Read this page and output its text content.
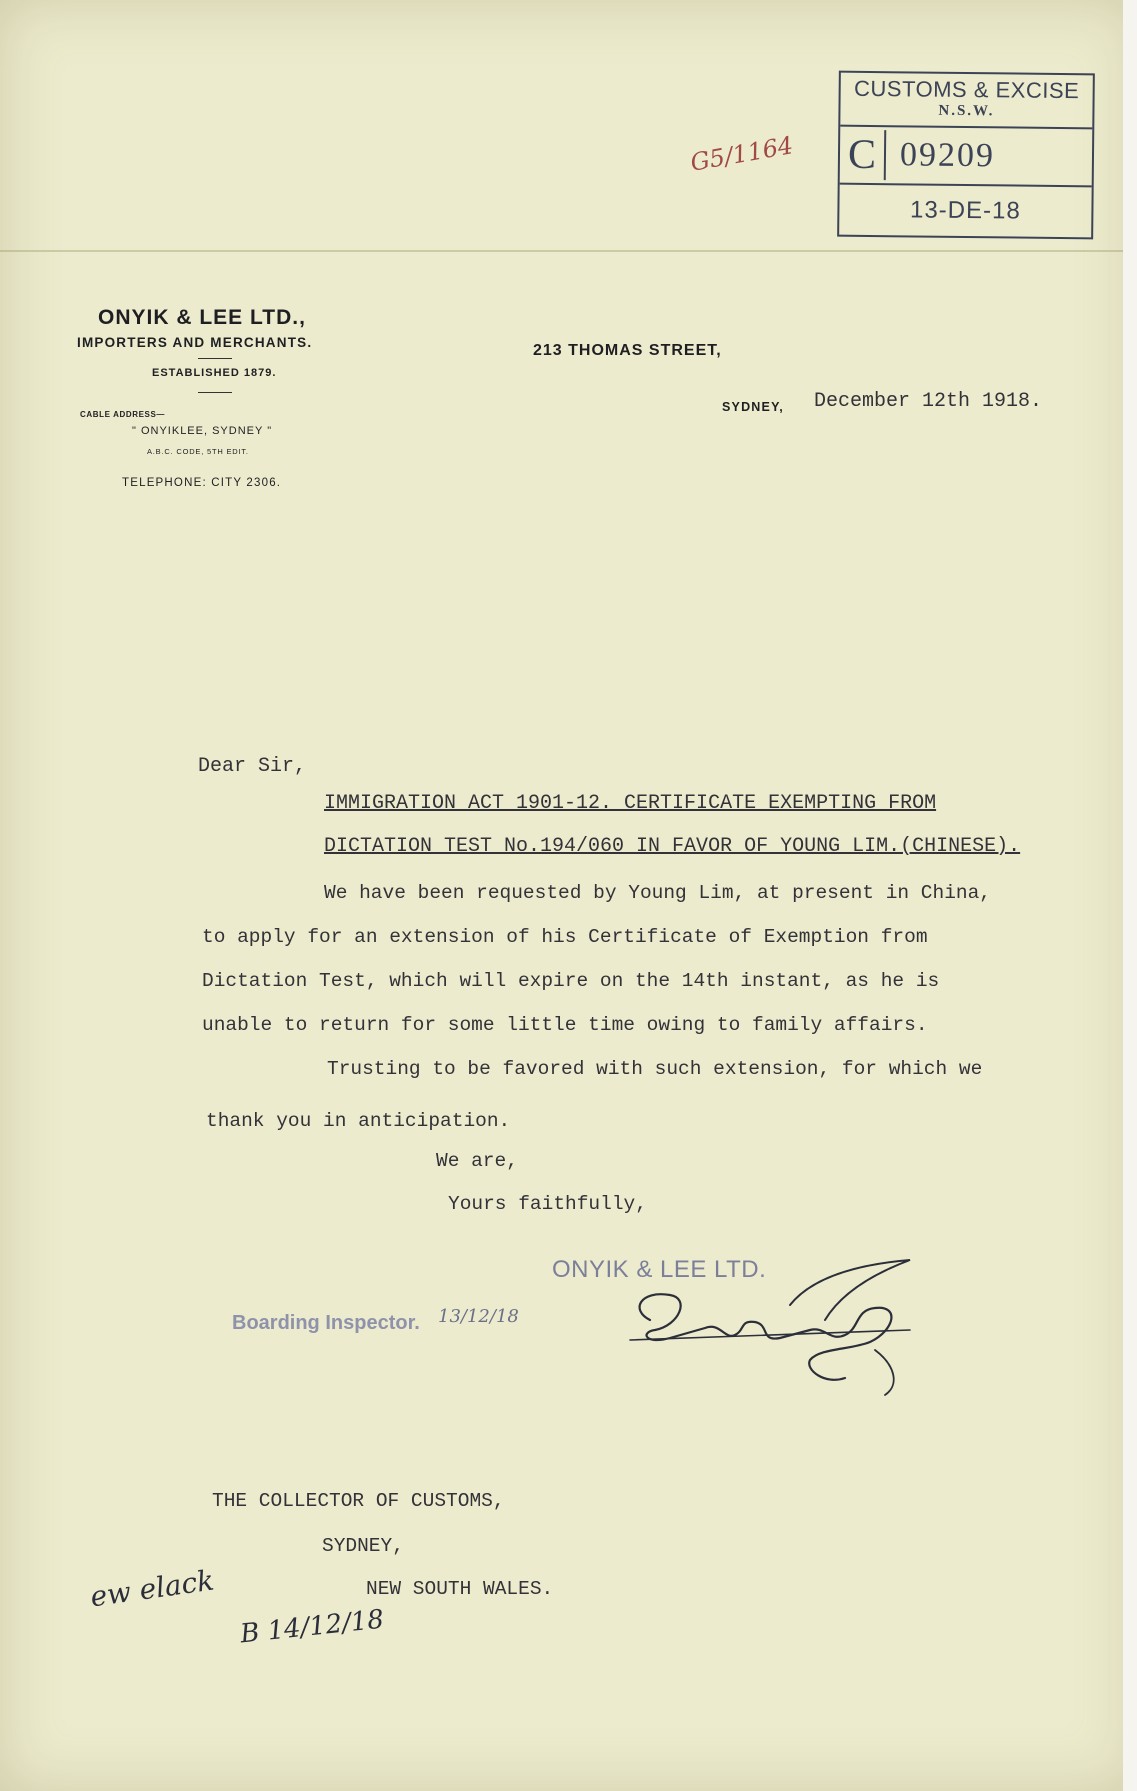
CUSTOMS & EXCISE
N.S.W.
C 09209
13-DE-18
G5/1164
ONYIK & LEE LTD.,
IMPORTERS AND MERCHANTS.
ESTABLISHED 1879.
CABLE ADDRESS—
" ONYIKLEE, SYDNEY "
A.B.C. CODE, 5TH EDIT.
TELEPHONE: CITY 2306.
213 THOMAS STREET,
SYDNEY, December 12th 1918.
Dear Sir,
IMMIGRATION ACT 1901-12. CERTIFICATE EXEMPTING FROM
DICTATION TEST No.194/060 IN FAVOR OF YOUNG LIM.(CHINESE).
We have been requested by Young Lim, at present in China,
to apply for an extension of his Certificate of Exemption from
Dictation Test, which will expire on the 14th instant, as he is
unable to return for some little time owing to family affairs.
Trusting to be favored with such extension, for which we
thank you in anticipation.
We are,
Yours faithfully,
ONYIK & LEE LTD.
Boarding Inspector. 13/12/18
THE COLLECTOR OF CUSTOMS,
SYDNEY,
NEW SOUTH WALES.
ew elack
B 14/12/18
